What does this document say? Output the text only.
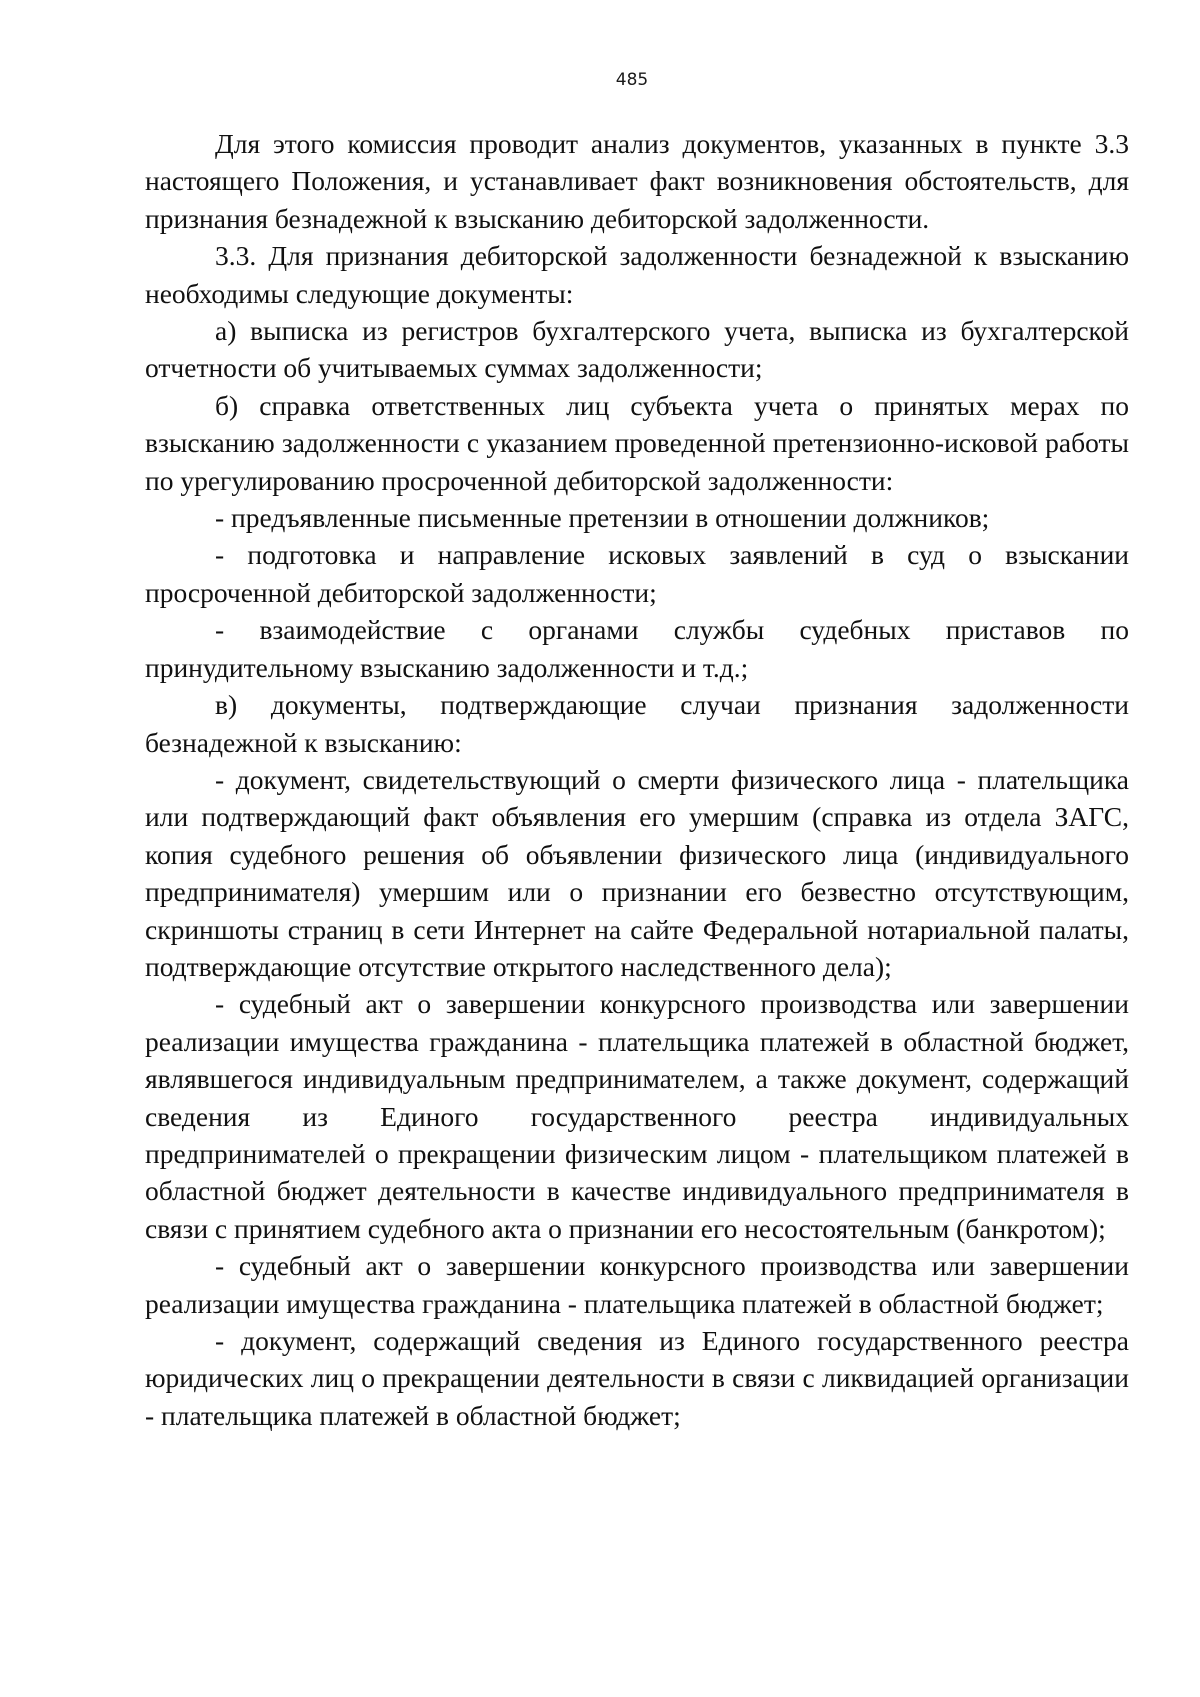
485

Для этого комиссия проводит анализ документов, указанных в пункте 3.3 настоящего Положения, и устанавливает факт возникновения обстоятельств, для признания безнадежной к взысканию дебиторской задолженности.

3.3. Для признания дебиторской задолженности безнадежной к взысканию необходимы следующие документы:

а) выписка из регистров бухгалтерского учета, выписка из бухгалтерской отчетности об учитываемых суммах задолженности;

б) справка ответственных лиц субъекта учета о принятых мерах по взысканию задолженности с указанием проведенной претензионно-исковой работы по урегулированию просроченной дебиторской задолженности:

- предъявленные письменные претензии в отношении должников;

- подготовка и направление исковых заявлений в суд о взыскании просроченной дебиторской задолженности;

- взаимодействие с органами службы судебных приставов по принудительному взысканию задолженности и т.д.;

в) документы, подтверждающие случаи признания задолженности безнадежной к взысканию:

- документ, свидетельствующий о смерти физического лица - плательщика или подтверждающий факт объявления его умершим (справка из отдела ЗАГС, копия судебного решения об объявлении физического лица (индивидуального предпринимателя) умершим или о признании его безвестно отсутствующим, скриншоты страниц в сети Интернет на сайте Федеральной нотариальной палаты, подтверждающие отсутствие открытого наследственного дела);

- судебный акт о завершении конкурсного производства или завершении реализации имущества гражданина - плательщика платежей в областной бюджет, являвшегося индивидуальным предпринимателем, а также документ, содержащий сведения из Единого государственного реестра индивидуальных предпринимателей о прекращении физическим лицом - плательщиком платежей в областной бюджет деятельности в качестве индивидуального предпринимателя в связи с принятием судебного акта о признании его несостоятельным (банкротом);

- судебный акт о завершении конкурсного производства или завершении реализации имущества гражданина - плательщика платежей в областной бюджет;

- документ, содержащий сведения из Единого государственного реестра юридических лиц о прекращении деятельности в связи с ликвидацией организации - плательщика платежей в областной бюджет;
